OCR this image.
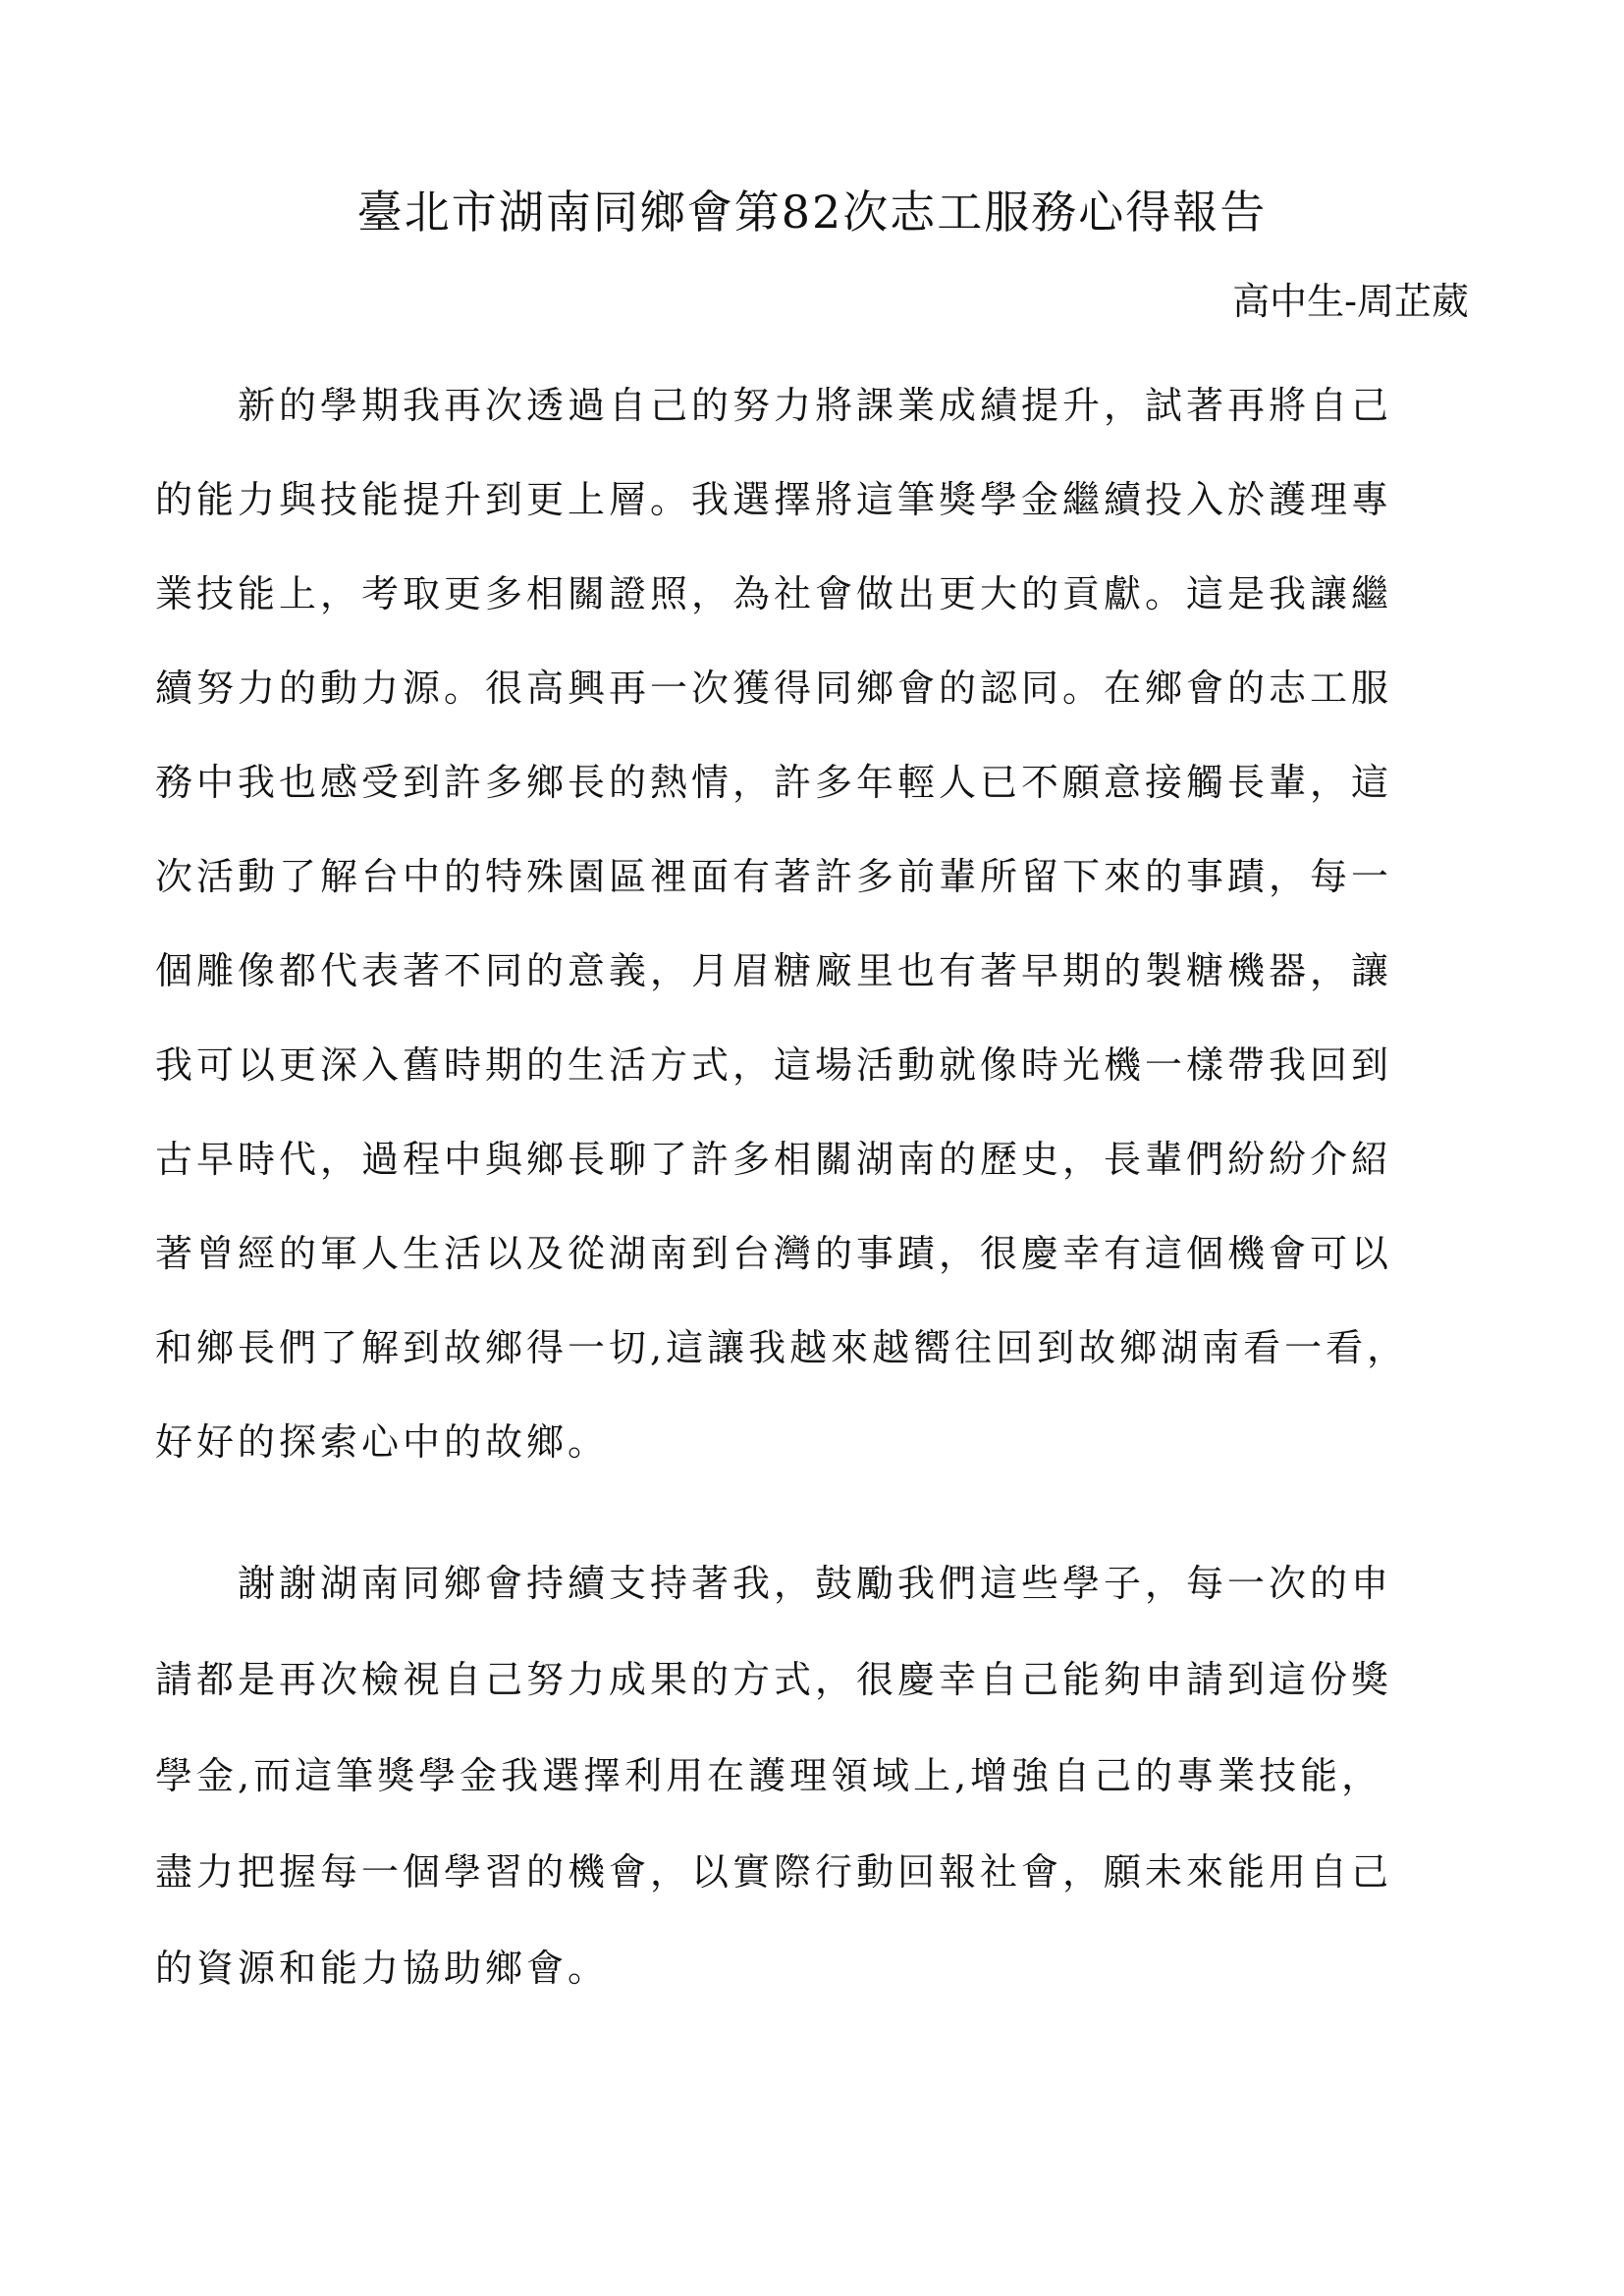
臺北市湖南同鄉會第82次志工服務心得報告
高中生-周芷葳
　　新的學期我再次透過自己的努力將課業成績提升，試著再將自己
的能力與技能提升到更上層。我選擇將這筆獎學金繼續投入於護理專
業技能上，考取更多相關證照，為社會做出更大的貢獻。這是我讓繼
續努力的動力源。很高興再一次獲得同鄉會的認同。在鄉會的志工服
務中我也感受到許多鄉長的熱情，許多年輕人已不願意接觸長輩，這
次活動了解台中的特殊園區裡面有著許多前輩所留下來的事蹟，每一
個雕像都代表著不同的意義，月眉糖廠里也有著早期的製糖機器，讓
我可以更深入舊時期的生活方式，這場活動就像時光機一樣帶我回到
古早時代，過程中與鄉長聊了許多相關湖南的歷史，長輩們紛紛介紹
著曾經的軍人生活以及從湖南到台灣的事蹟，很慶幸有這個機會可以
和鄉長們了解到故鄉得一切,這讓我越來越嚮往回到故鄉湖南看一看，
好好的探索心中的故鄉。
　　謝謝湖南同鄉會持續支持著我，鼓勵我們這些學子，每一次的申
請都是再次檢視自己努力成果的方式，很慶幸自己能夠申請到這份獎
學金,而這筆獎學金我選擇利用在護理領域上,增強自己的專業技能，
盡力把握每一個學習的機會，以實際行動回報社會，願未來能用自己
的資源和能力協助鄉會。
